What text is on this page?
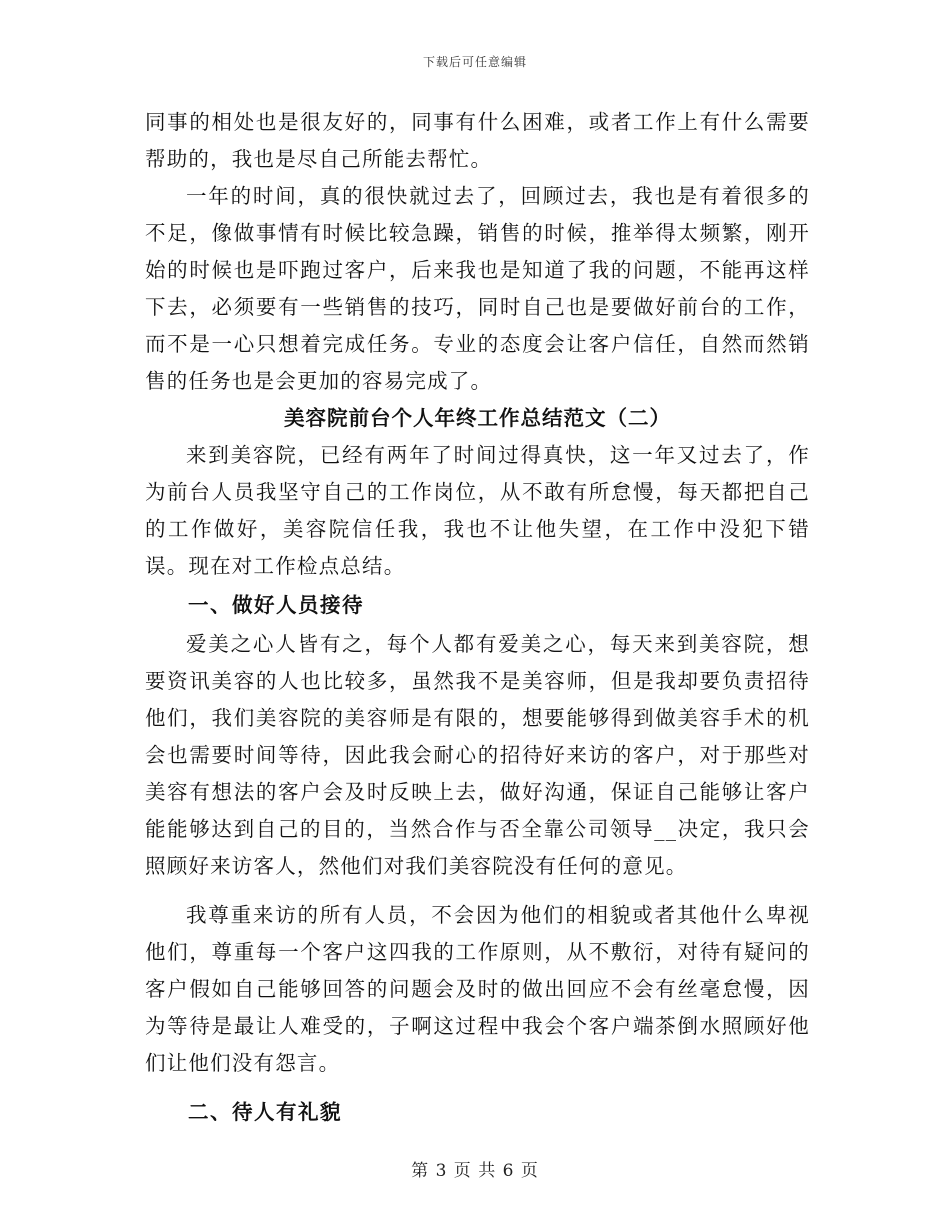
下载后可任意编辑

同事的相处也是很友好的，同事有什么困难，或者工作上有什么需要帮助的，我也是尽自己所能去帮忙。

一年的时间，真的很快就过去了，回顾过去，我也是有着很多的不足，像做事情有时候比较急躁，销售的时候，推举得太频繁，刚开始的时候也是吓跑过客户，后来我也是知道了我的问题，不能再这样下去，必须要有一些销售的技巧，同时自己也是要做好前台的工作，而不是一心只想着完成任务。专业的态度会让客户信任，自然而然销售的任务也是会更加的容易完成了。

美容院前台个人年终工作总结范文（二）

来到美容院，已经有两年了时间过得真快，这一年又过去了，作为前台人员我坚守自己的工作岗位，从不敢有所怠慢，每天都把自己的工作做好，美容院信任我，我也不让他失望，在工作中没犯下错误。现在对工作检点总结。

一、做好人员接待

爱美之心人皆有之，每个人都有爱美之心，每天来到美容院，想要资讯美容的人也比较多，虽然我不是美容师，但是我却要负责招待他们，我们美容院的美容师是有限的，想要能够得到做美容手术的机会也需要时间等待，因此我会耐心的招待好来访的客户，对于那些对美容有想法的客户会及时反映上去，做好沟通，保证自己能够让客户能能够达到自己的目的，当然合作与否全靠公司领导__决定，我只会照顾好来访客人，然他们对我们美容院没有任何的意见。

我尊重来访的所有人员，不会因为他们的相貌或者其他什么卑视他们，尊重每一个客户这四我的工作原则，从不敷衍，对待有疑问的客户假如自己能够回答的问题会及时的做出回应不会有丝毫怠慢，因为等待是最让人难受的，子啊这过程中我会个客户端茶倒水照顾好他们让他们没有怨言。

二、待人有礼貌

第 3 页 共 6 页
